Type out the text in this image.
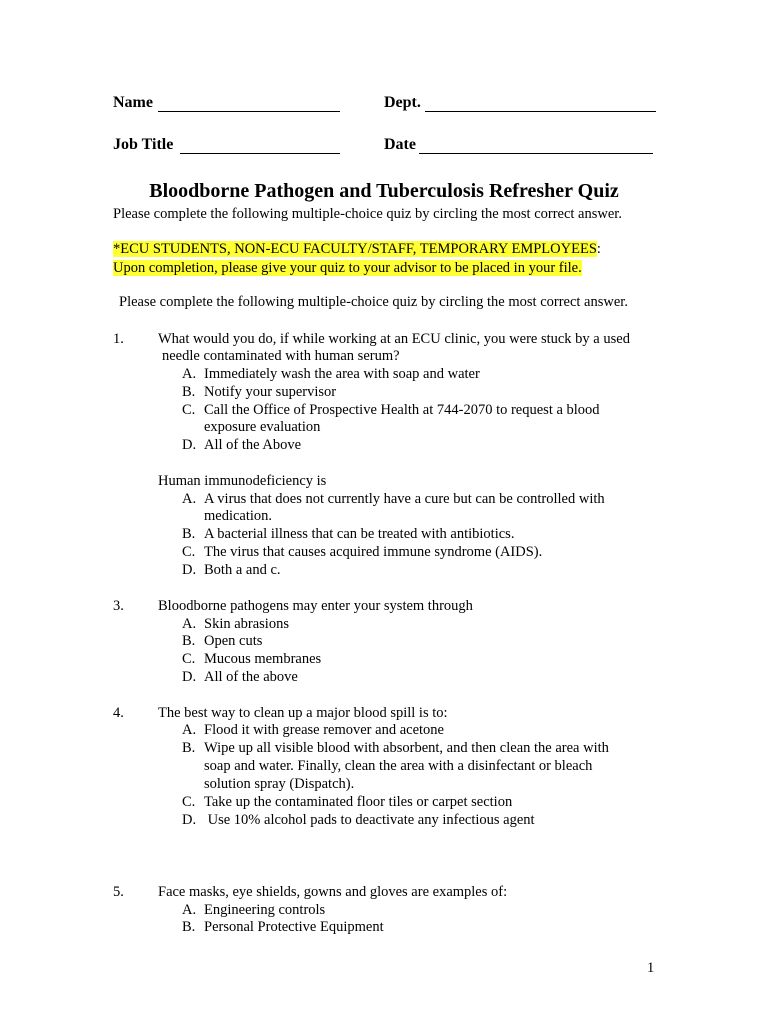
Name	Dept.
Job Title	Date
Bloodborne Pathogen and Tuberculosis Refresher Quiz
Please complete the following multiple-choice quiz by circling the most correct answer.
*ECU STUDENTS, NON-ECU FACULTY/STAFF, TEMPORARY EMPLOYEES:
Upon completion, please give your quiz to your advisor to be placed in your file.
Please complete the following multiple-choice quiz by circling the most correct answer.
1. What would you do, if while working at an ECU clinic, you were stuck by a used
needle contaminated with human serum?
A. Immediately wash the area with soap and water
B. Notify your supervisor
C. Call the Office of Prospective Health at 744-2070 to request a blood
exposure evaluation
D. All of the Above
Human immunodeficiency is
A. A virus that does not currently have a cure but can be controlled with
medication.
B. A bacterial illness that can be treated with antibiotics.
C. The virus that causes acquired immune syndrome (AIDS).
D. Both a and c.
3. Bloodborne pathogens may enter your system through
A. Skin abrasions
B. Open cuts
C. Mucous membranes
D. All of the above
4. The best way to clean up a major blood spill is to:
A. Flood it with grease remover and acetone
B. Wipe up all visible blood with absorbent, and then clean the area with
soap and water. Finally, clean the area with a disinfectant or bleach
solution spray (Dispatch).
C. Take up the contaminated floor tiles or carpet section
D. Use 10% alcohol pads to deactivate any infectious agent
5. Face masks, eye shields, gowns and gloves are examples of:
A. Engineering controls
B. Personal Protective Equipment
1
